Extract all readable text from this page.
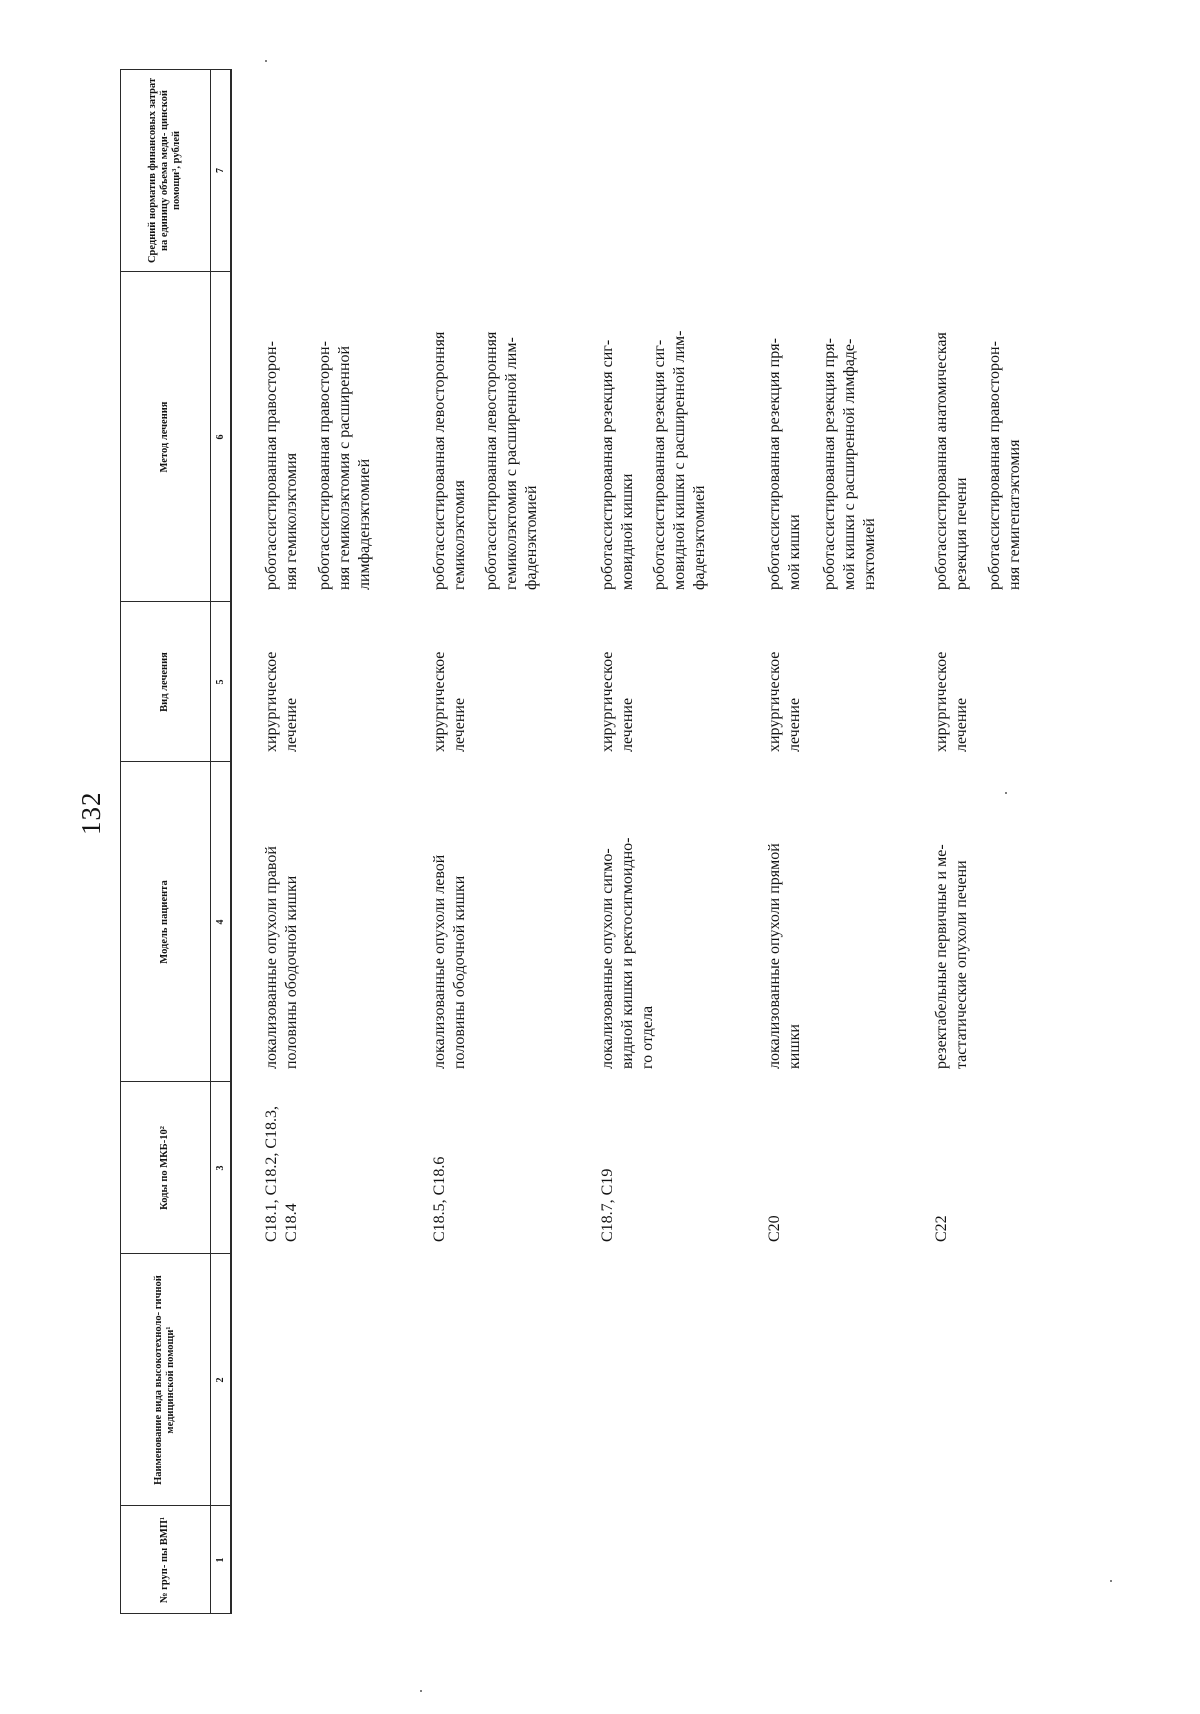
132
№ груп- пы ВМП¹
Наименование вида высокотехноло- гичной медицинской помощи¹
Коды по МКБ-10²
Модель пациента
Вид лечения
Метод лечения
Средний норматив финансовых затрат на единицу объема меди- цинской помощи³, рублей
1
2
3
4
5
6
7
C18.1, C18.2, C18.3,
C18.4
локализованные опухоли правой
половины ободочной кишки
хирургическое
лечение
роботассистированная правосторон-
няя гемиколэктомия роботассистированная правосторон-
няя гемиколэктомия с расширенной
лимфаденэктомией
C18.5, C18.6
локализованные опухоли левой
половины ободочной кишки
хирургическое
лечение
роботассистированная левосторонняя
гемиколэктомия роботассистированная левосторонняя
гемиколэктомия с расширенной лим-
фаденэктомией
C18.7, C19
локализованные опухоли сигмо-
видной кишки и ректосигмоидно-
го отдела
хирургическое
лечение
роботассистированная резекция сиг-
мовидной кишки роботассистированная резекция сиг-
мовидной кишки с расширенной лим-
фаденэктомией
C20
локализованные опухоли прямой
кишки
хирургическое
лечение
роботассистированная резекция пря-
мой кишки роботассистированная резекция пря-
мой кишки с расширенной лимфаде-
нэктомией
C22
резектабельные первичные и ме-
тастатические опухоли печени
хирургическое
лечение
роботассистированная анатомическая
резекция печени роботассистированная правосторон-
няя гемигепатэктомия
